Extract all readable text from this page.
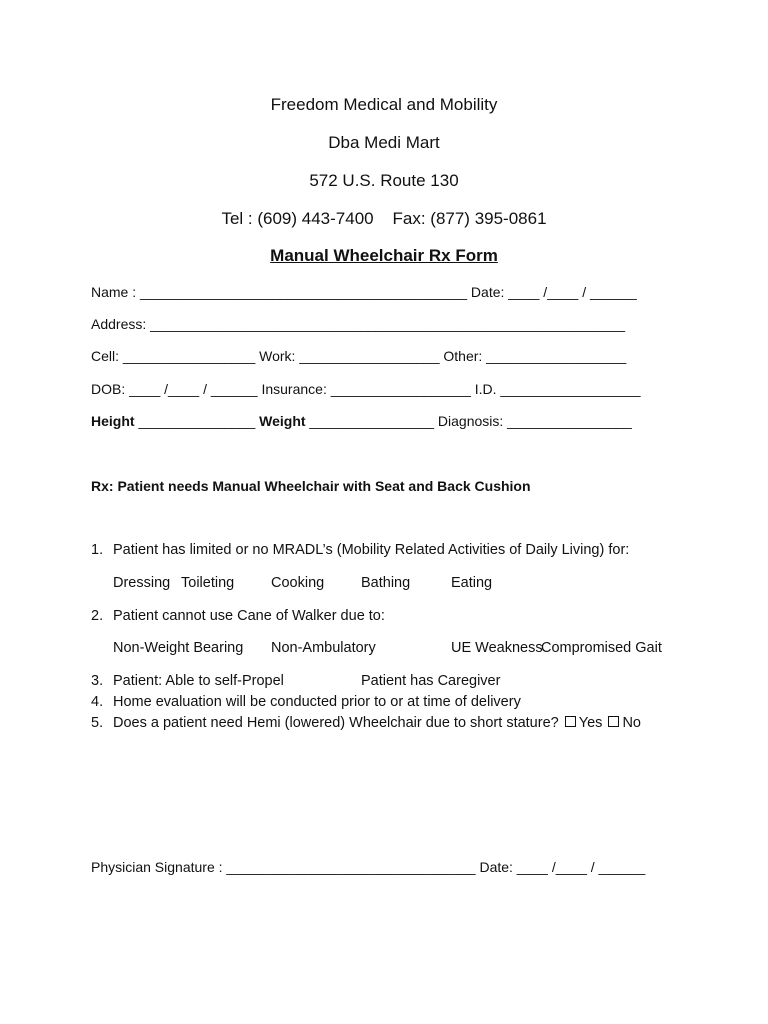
Freedom Medical and Mobility
Dba Medi Mart
572 U.S. Route 130
Tel : (609) 443-7400    Fax: (877) 395-0861
Manual Wheelchair Rx Form
Name : __________________________________________ Date: ____ /____ / ______
Address: _____________________________________________________________
Cell: _________________ Work: __________________ Other: __________________
DOB: ____ /____ / ______ Insurance: __________________ I.D. __________________
Height _______________ Weight ________________ Diagnosis: ________________
Rx: Patient needs Manual Wheelchair with Seat and Back Cushion
1. Patient has limited or no MRADL’s (Mobility Related Activities of Daily Living) for:
Dressing Toileting	Cooking	Bathing	Eating
2. Patient cannot use Cane of Walker due to:
Non-Weight Bearing Non-Ambulatory	UE Weakness
Compromised Gait
3. Patient: Able to self-Propel	Patient has Caregiver
4. Home evaluation will be conducted prior to or at time of delivery
5. Does a patient need Hemi (lowered) Wheelchair due to short stature? Yes No
Physician Signature : ________________________________ Date: ____ /____ / ______
